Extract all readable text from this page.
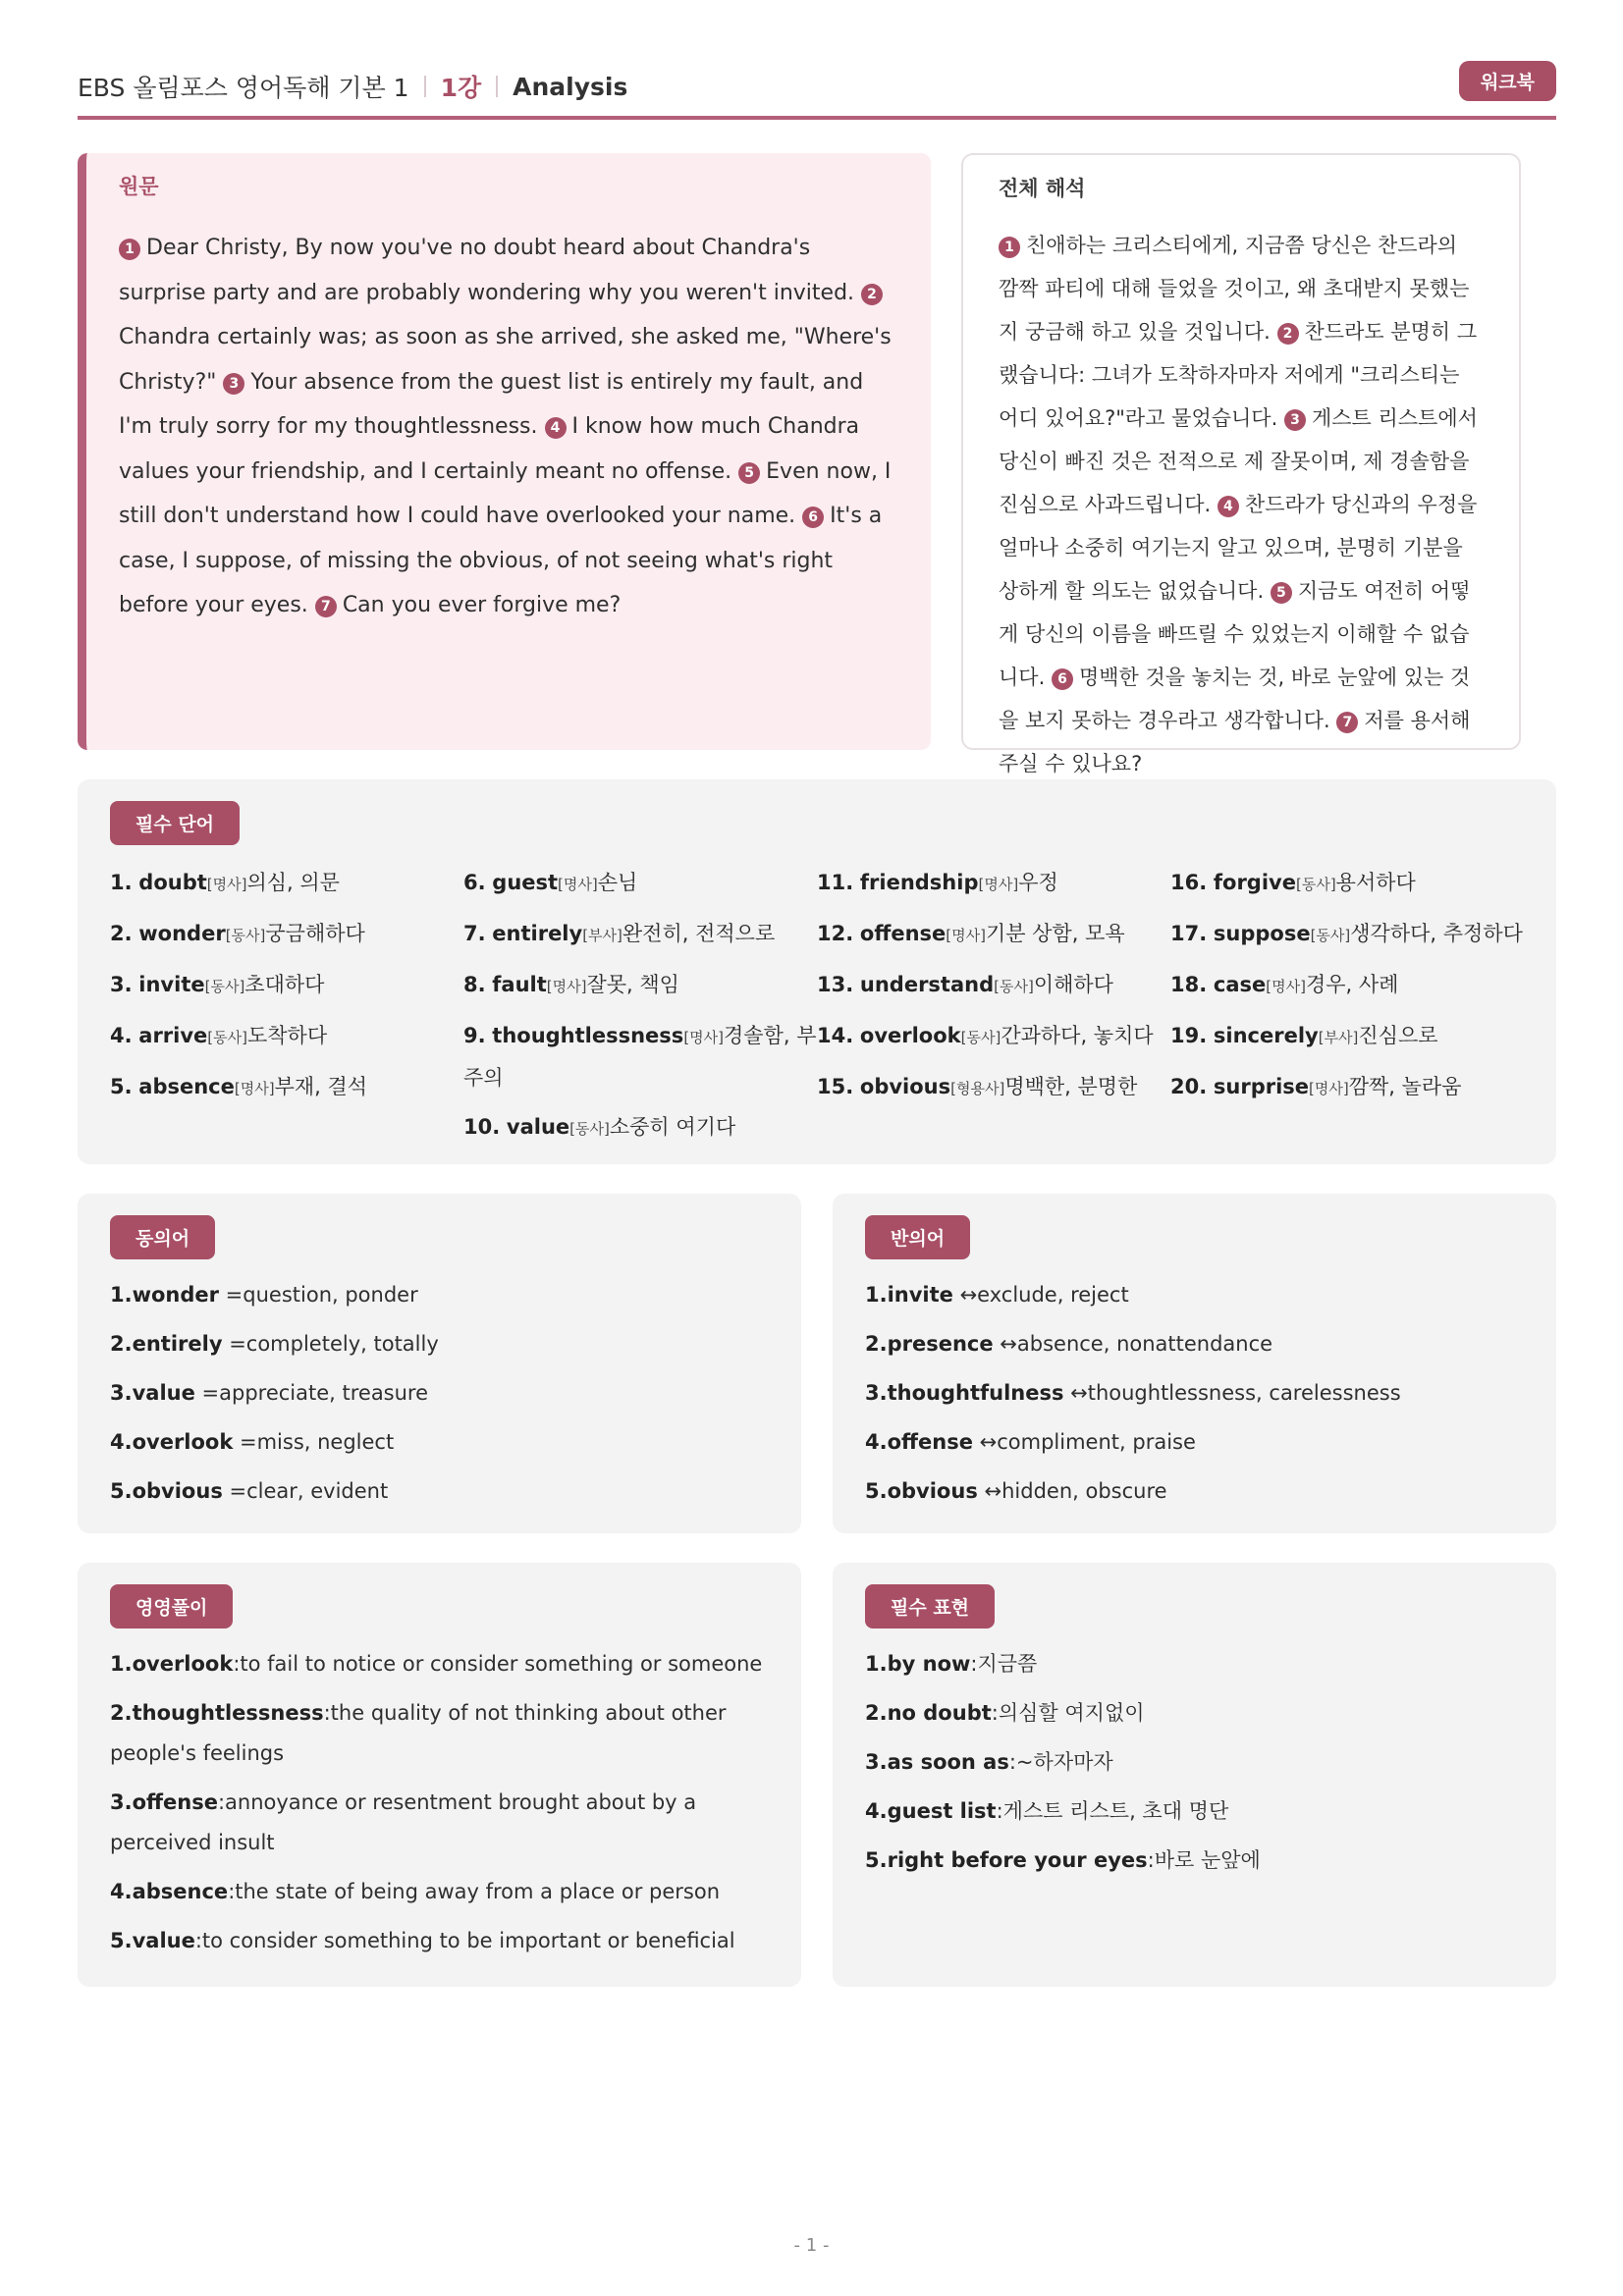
EBS 올림포스 영어독해 기본 1 1강 Analysis	워크북
원문
1 Dear Christy, By now you've no doubt heard about Chandra's surprise party and are probably wondering why you weren't invited. 2Chandra certainly was; as soon as she arrived, she asked me, "Where's Christy?" 3 Your absence from the guest list is entirely my fault, and I'm truly sorry for my thoughtlessness. 4 I know how much Chandra values your friendship, and I certainly meant no offense. 5 Even now, I still don't understand how I could have overlooked your name. 6 It's a case, I suppose, of missing the obvious, of not seeing what's right before your eyes. 7 Can you ever forgive me?
전체 해석
1 친애하는 크리스티에게, 지금쯤 당신은 찬드라의 깜짝 파티에 대해 들었을 것이고, 왜 초대받지 못했는지 궁금해 하고 있을 것입니다. 2 찬드라도 분명히 그랬습니다: 그녀가 도착하자마자 저에게 "크리스티는 어디 있어요?"라고 물었습니다. 3 게스트 리스트에서 당신이 빠진 것은 전적으로 제 잘못이며, 제 경솔함을 진심으로 사과드립니다. 4 찬드라가 당신과의 우정을 얼마나 소중히 여기는지 알고 있으며, 분명히 기분을 상하게 할 의도는 없었습니다. 5 지금도 여전히 어떻게 당신의 이름을 빠뜨릴 수 있었는지 이해할 수 없습니다. 6 명백한 것을 놓치는 것, 바로 눈앞에 있는 것을 보지 못하는 경우라고 생각합니다. 7 저를 용서해 주실 수 있나요?
필수 단어
1. doubt[명사]의심, 의문
2. wonder[동사]궁금해하다
3. invite[동사]초대하다
4. arrive[동사]도착하다
5. absence[명사]부재, 결석
6. guest[명사]손님
7. entirely[부사]완전히, 전적으로
8. fault[명사]잘못, 책임
9. thoughtlessness[명사]경솔함, 부주의
10. value[동사]소중히 여기다
11. friendship[명사]우정
12. offense[명사]기분 상함, 모욕
13. understand[동사]이해하다
14. overlook[동사]간과하다, 놓치다
15. obvious[형용사]명백한, 분명한
16. forgive[동사]용서하다
17. suppose[동사]생각하다, 추정하다
18. case[명사]경우, 사례
19. sincerely[부사]진심으로
20. surprise[명사]깜짝, 놀라움
동의어
1.wonder =question, ponder
2.entirely =completely, totally
3.value =appreciate, treasure
4.overlook =miss, neglect
5.obvious =clear, evident
반의어
1.invite ↔exclude, reject
2.presence ↔absence, nonattendance
3.thoughtfulness ↔thoughtlessness, carelessness
4.offense ↔compliment, praise
5.obvious ↔hidden, obscure
영영풀이
1.overlook:to fail to notice or consider something or someone
2.thoughtlessness:the quality of not thinking about other people's feelings
3.offense:annoyance or resentment brought about by a perceived insult
4.absence:the state of being away from a place or person
5.value:to consider something to be important or beneficial
필수 표현
1.by now:지금쯤
2.no doubt:의심할 여지없이
3.as soon as:~하자마자
4.guest list:게스트 리스트, 초대 명단
5.right before your eyes:바로 눈앞에
- 1 -
